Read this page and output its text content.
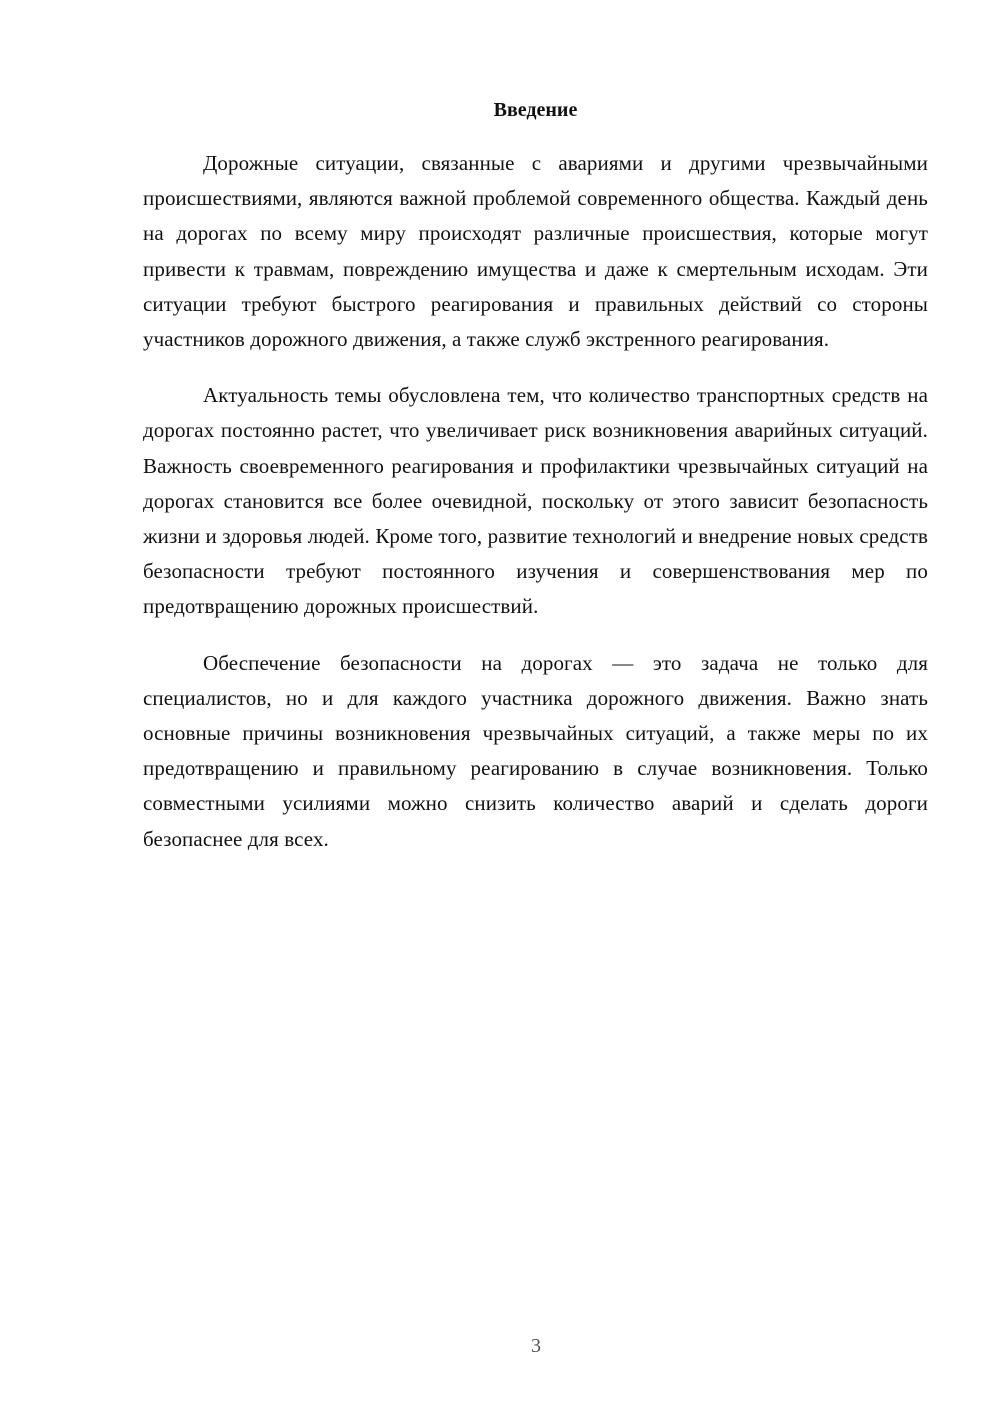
Введение

Дорожные ситуации, связанные с авариями и другими чрезвычайными происшествиями, являются важной проблемой современного общества. Каждый день на дорогах по всему миру происходят различные происшествия, которые могут привести к травмам, повреждению имущества и даже к смертельным исходам. Эти ситуации требуют быстрого реагирования и правильных действий со стороны участников дорожного движения, а также служб экстренного реагирования.

Актуальность темы обусловлена тем, что количество транспортных средств на дорогах постоянно растет, что увеличивает риск возникновения аварийных ситуаций. Важность своевременного реагирования и профилактики чрезвычайных ситуаций на дорогах становится все более очевидной, поскольку от этого зависит безопасность жизни и здоровья людей. Кроме того, развитие технологий и внедрение новых средств безопасности требуют постоянного изучения и совершенствования мер по предотвращению дорожных происшествий.

Обеспечение безопасности на дорогах — это задача не только для специалистов, но и для каждого участника дорожного движения. Важно знать основные причины возникновения чрезвычайных ситуаций, а также меры по их предотвращению и правильному реагированию в случае возникновения. Только совместными усилиями можно снизить количество аварий и сделать дороги безопаснее для всех.

3
